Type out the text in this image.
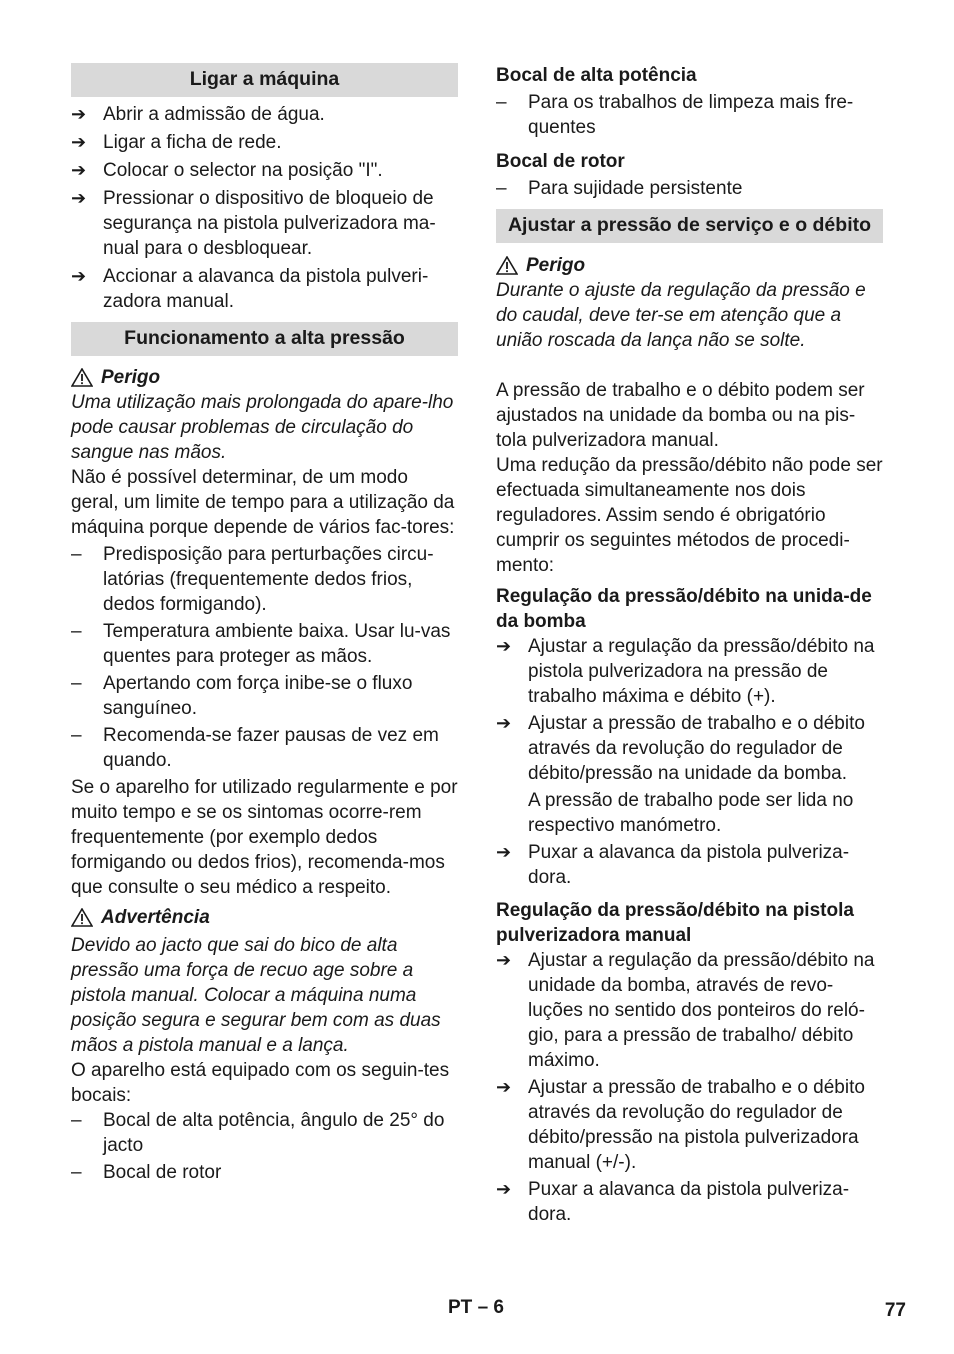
Ligar a máquina
➔ Abrir a admissão de água.
➔ Ligar a ficha de rede.
➔ Colocar o selector na posição "I".
➔ Pressionar o dispositivo de bloqueio de segurança na pistola pulverizadora ma-nual para o desbloquear.
➔ Accionar a alavanca da pistola pulveri-zadora manual.
Funcionamento a alta pressão
Perigo

Uma utilização mais prolongada do apare-lho pode causar problemas de circulação do sangue nas mãos.

Não é possível determinar, de um modo geral, um limite de tempo para a utilização da máquina porque depende de vários fac-tores:

–	Predisposição para perturbações circu-latórias (frequentemente dedos frios, dedos formigando).
–	Temperatura ambiente baixa. Usar lu-vas quentes para proteger as mãos.
–	Apertando com força inibe-se o fluxo sanguíneo.
–	Recomenda-se fazer pausas de vez em quando.

Se o aparelho for utilizado regularmente e por muito tempo e se os sintomas ocorre-rem frequentemente (por exemplo dedos formigando ou dedos frios), recomenda-mos que consulte o seu médico a respeito.

Advertência

Devido ao jacto que sai do bico de alta pressão uma força de recuo age sobre a pistola manual. Colocar a máquina numa posição segura e segurar bem com as duas mãos a pistola manual e a lança.

O aparelho está equipado com os seguin-tes bocais:

–	Bocal de alta potência, ângulo de 25° do jacto
–	Bocal de rotor
Bocal de alta potência
–	Para os trabalhos de limpeza mais fre-quentes
Bocal de rotor
–	Para sujidade persistente
Ajustar a pressão de serviço e o débito
Perigo

Durante o ajuste da regulação da pressão e do caudal, deve ter-se em atenção que a união roscada da lança não se solte.

A pressão de trabalho e o débito podem ser ajustados na unidade da bomba ou na pis-tola pulverizadora manual.

Uma redução da pressão/débito não pode ser efectuada simultaneamente nos dois reguladores. Assim sendo é obrigatório cumprir os seguintes métodos de procedi-mento:

Regulação da pressão/débito na unida-de da bomba
➔ Ajustar a regulação da pressão/débito na pistola pulverizadora na pressão de trabalho máxima e débito (+).
➔ Ajustar a pressão de trabalho e o débito através da revolução do regulador de débito/pressão na unidade da bomba.
A pressão de trabalho pode ser lida no respectivo manómetro.
➔ Puxar a alavanca da pistola pulveriza-dora.
Regulação da pressão/débito na pistola pulverizadora manual
➔ Ajustar a regulação da pressão/débito na unidade da bomba, através de revo-luções no sentido dos ponteiros do reló-gio, para a pressão de trabalho/ débito máximo.
➔ Ajustar a pressão de trabalho e o débito através da revolução do regulador de débito/pressão na pistola pulverizadora manual (+/-).
➔ Puxar a alavanca da pistola pulveriza-dora.
PT – 6	77
